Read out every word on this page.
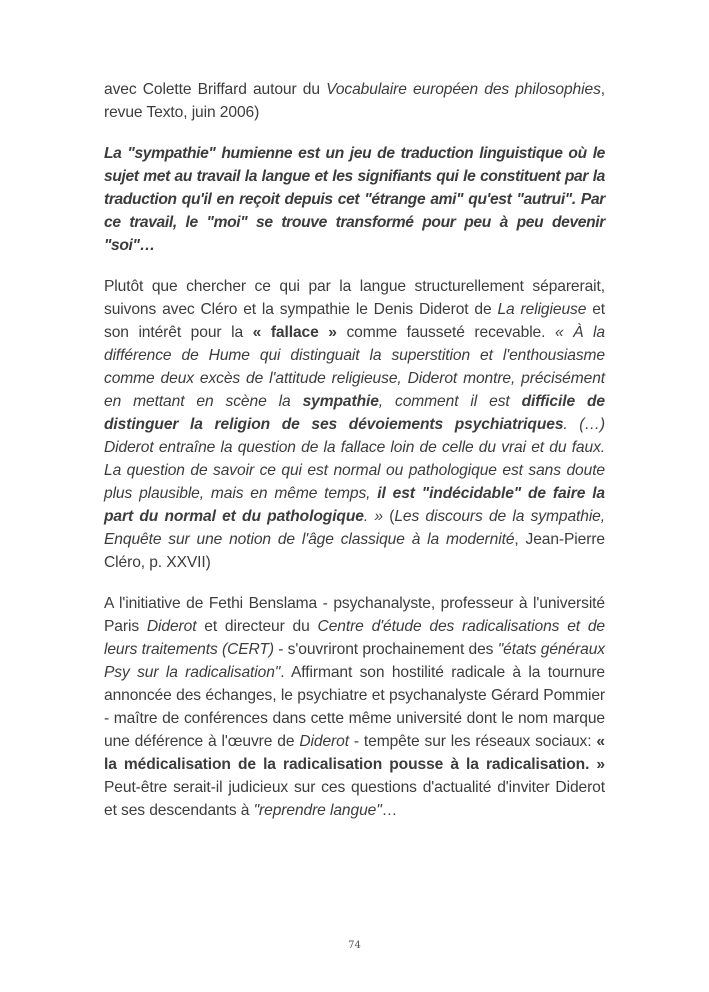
avec Colette Briffard autour du Vocabulaire européen des philosophies, revue Texto, juin 2006)

La "sympathie" humienne est un jeu de traduction linguistique où le sujet met au travail la langue et les signifiants qui le constituent par la traduction qu'il en reçoit depuis cet "étrange ami" qu'est "autrui". Par ce travail, le "moi" se trouve transformé pour peu à peu devenir "soi"…

Plutôt que chercher ce qui par la langue structurellement séparerait, suivons avec Cléro et la sympathie le Denis Diderot de La religieuse et son intérêt pour la « fallace » comme fausseté recevable. « À la différence de Hume qui distinguait la superstition et l'enthousiasme comme deux excès de l'attitude religieuse, Diderot montre, précisément en mettant en scène la sympathie, comment il est difficile de distinguer la religion de ses dévoiements psychiatriques. (…) Diderot entraîne la question de la fallace loin de celle du vrai et du faux. La question de savoir ce qui est normal ou pathologique est sans doute plus plausible, mais en même temps, il est "indécidable" de faire la part du normal et du pathologique. » (Les discours de la sympathie, Enquête sur une notion de l'âge classique à la modernité, Jean-Pierre Cléro, p. XXVII)

A l'initiative de Fethi Benslama - psychanalyste, professeur à l'université Paris Diderot et directeur du Centre d'étude des radicalisations et de leurs traitements (CERT) - s'ouvriront prochainement des "états généraux Psy sur la radicalisation". Affirmant son hostilité radicale à la tournure annoncée des échanges, le psychiatre et psychanalyste Gérard Pommier - maître de conférences dans cette même université dont le nom marque une déférence à l'œuvre de Diderot - tempête sur les réseaux sociaux: « la médicalisation de la radicalisation pousse à la radicalisation. » Peut-être serait-il judicieux sur ces questions d'actualité d'inviter Diderot et ses descendants à "reprendre langue"…

74
